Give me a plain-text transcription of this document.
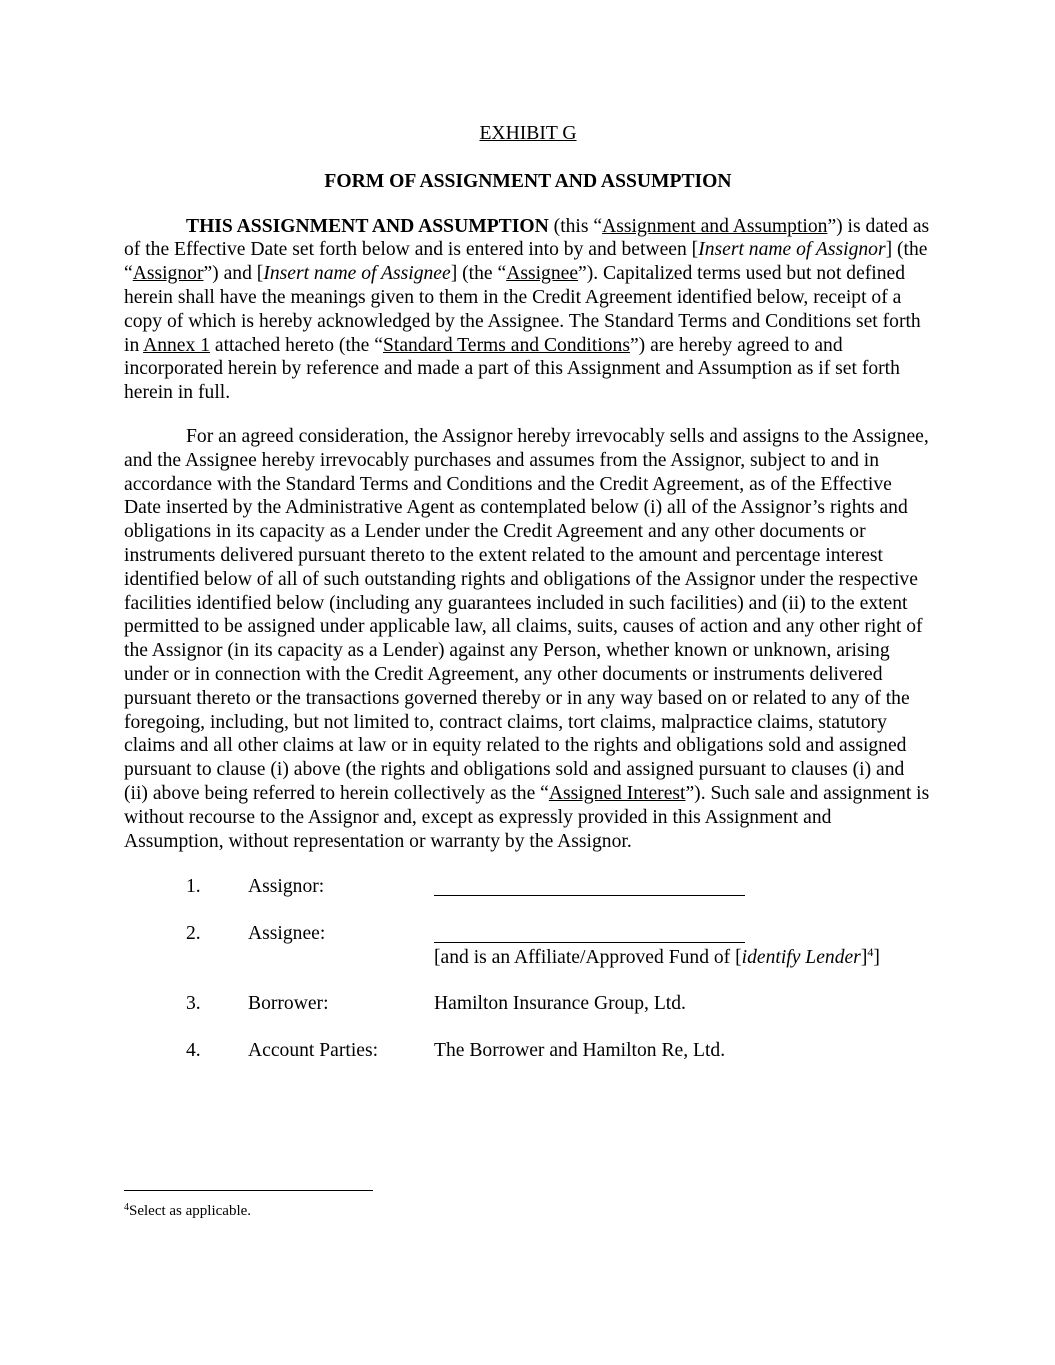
EXHIBIT G

FORM OF ASSIGNMENT AND ASSUMPTION

THIS ASSIGNMENT AND ASSUMPTION (this “Assignment and Assumption”) is dated as of the Effective Date set forth below and is entered into by and between [Insert name of Assignor] (the “Assignor”) and [Insert name of Assignee] (the “Assignee”). Capitalized terms used but not defined herein shall have the meanings given to them in the Credit Agreement identified below, receipt of a copy of which is hereby acknowledged by the Assignee. The Standard Terms and Conditions set forth in Annex 1 attached hereto (the “Standard Terms and Conditions”) are hereby agreed to and incorporated herein by reference and made a part of this Assignment and Assumption as if set forth herein in full.

For an agreed consideration, the Assignor hereby irrevocably sells and assigns to the Assignee, and the Assignee hereby irrevocably purchases and assumes from the Assignor, subject to and in accordance with the Standard Terms and Conditions and the Credit Agreement, as of the Effective Date inserted by the Administrative Agent as contemplated below (i) all of the Assignor’s rights and obligations in its capacity as a Lender under the Credit Agreement and any other documents or instruments delivered pursuant thereto to the extent related to the amount and percentage interest identified below of all of such outstanding rights and obligations of the Assignor under the respective facilities identified below (including any guarantees included in such facilities) and (ii) to the extent permitted to be assigned under applicable law, all claims, suits, causes of action and any other right of the Assignor (in its capacity as a Lender) against any Person, whether known or unknown, arising under or in connection with the Credit Agreement, any other documents or instruments delivered pursuant thereto or the transactions governed thereby or in any way based on or related to any of the foregoing, including, but not limited to, contract claims, tort claims, malpractice claims, statutory claims and all other claims at law or in equity related to the rights and obligations sold and assigned pursuant to clause (i) above (the rights and obligations sold and assigned pursuant to clauses (i) and (ii) above being referred to herein collectively as the “Assigned Interest”). Such sale and assignment is without recourse to the Assignor and, except as expressly provided in this Assignment and Assumption, without representation or warranty by the Assignor.

1. Assignor:
2. Assignee:
[and is an Affiliate/Approved Fund of [identify Lender]$^4$]
3. Borrower:	Hamilton Insurance Group, Ltd.
4. Account Parties:	The Borrower and Hamilton Re, Ltd.
$^4$Select as applicable.
